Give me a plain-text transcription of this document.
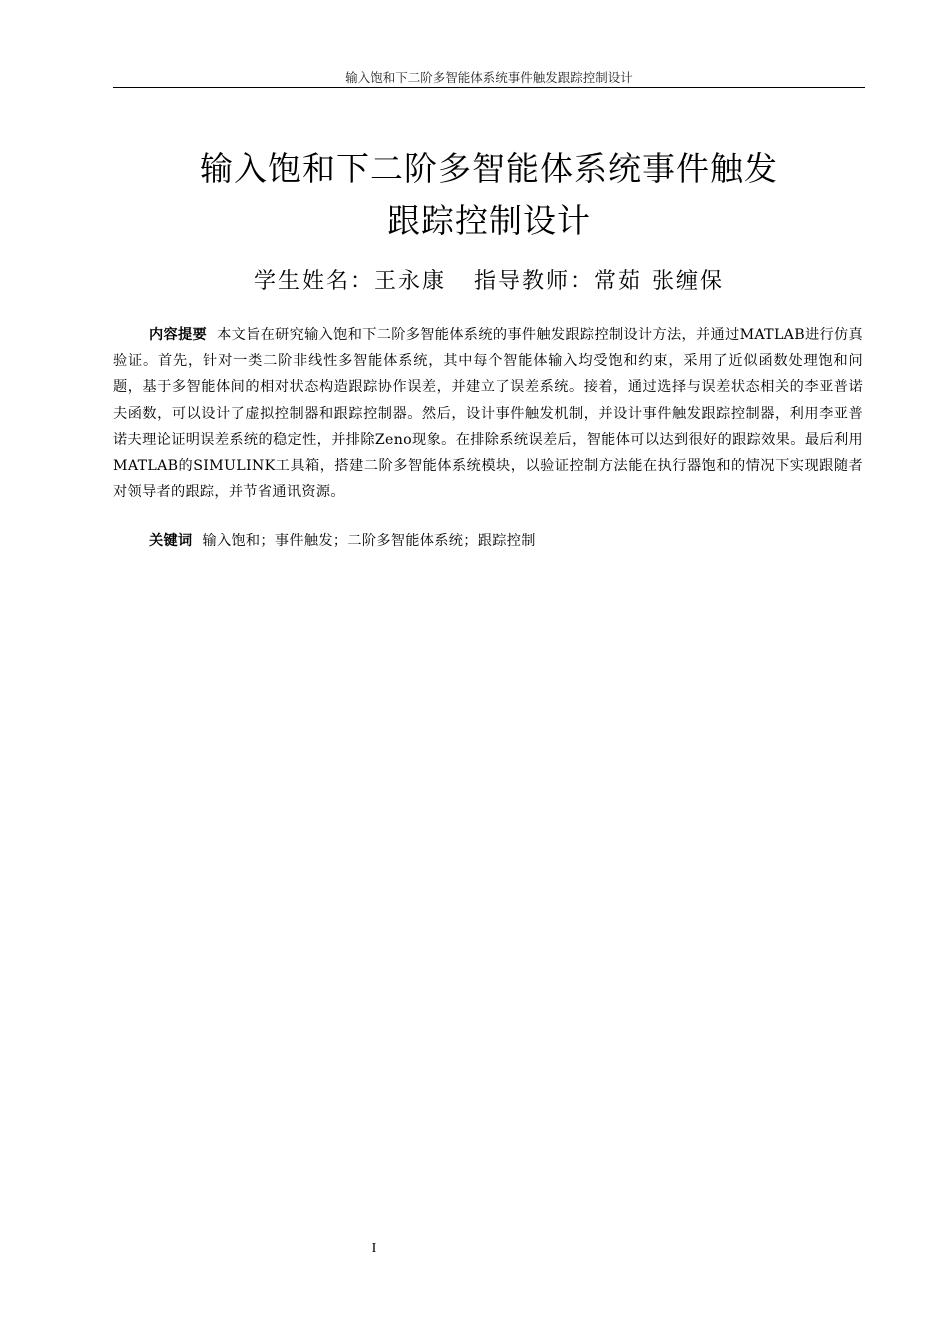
输入饱和下二阶多智能体系统事件触发跟踪控制设计
输入饱和下二阶多智能体系统事件触发
跟踪控制设计
学生姓名：王永康 指导教师：常茹 张缠保
内容提要 本文旨在研究输入饱和下二阶多智能体系统的事件触发跟踪控制设计方法，并通过MATLAB进行仿真验证。首先，针对一类二阶非线性多智能体系统，其中每个智能体输入均受饱和约束，采用了近似函数处理饱和问题，基于多智能体间的相对状态构造跟踪协作误差，并建立了误差系统。接着，通过选择与误差状态相关的李亚普诺夫函数，可以设计了虚拟控制器和跟踪控制器。然后，设计事件触发机制，并设计事件触发跟踪控制器，利用李亚普诺夫理论证明误差系统的稳定性，并排除Zeno现象。在排除系统误差后，智能体可以达到很好的跟踪效果。最后利用MATLAB的SIMULINK工具箱，搭建二阶多智能体系统模块，以验证控制方法能在执行器饱和的情况下实现跟随者对领导者的跟踪，并节省通讯资源。
关键词 输入饱和；事件触发；二阶多智能体系统；跟踪控制
I
